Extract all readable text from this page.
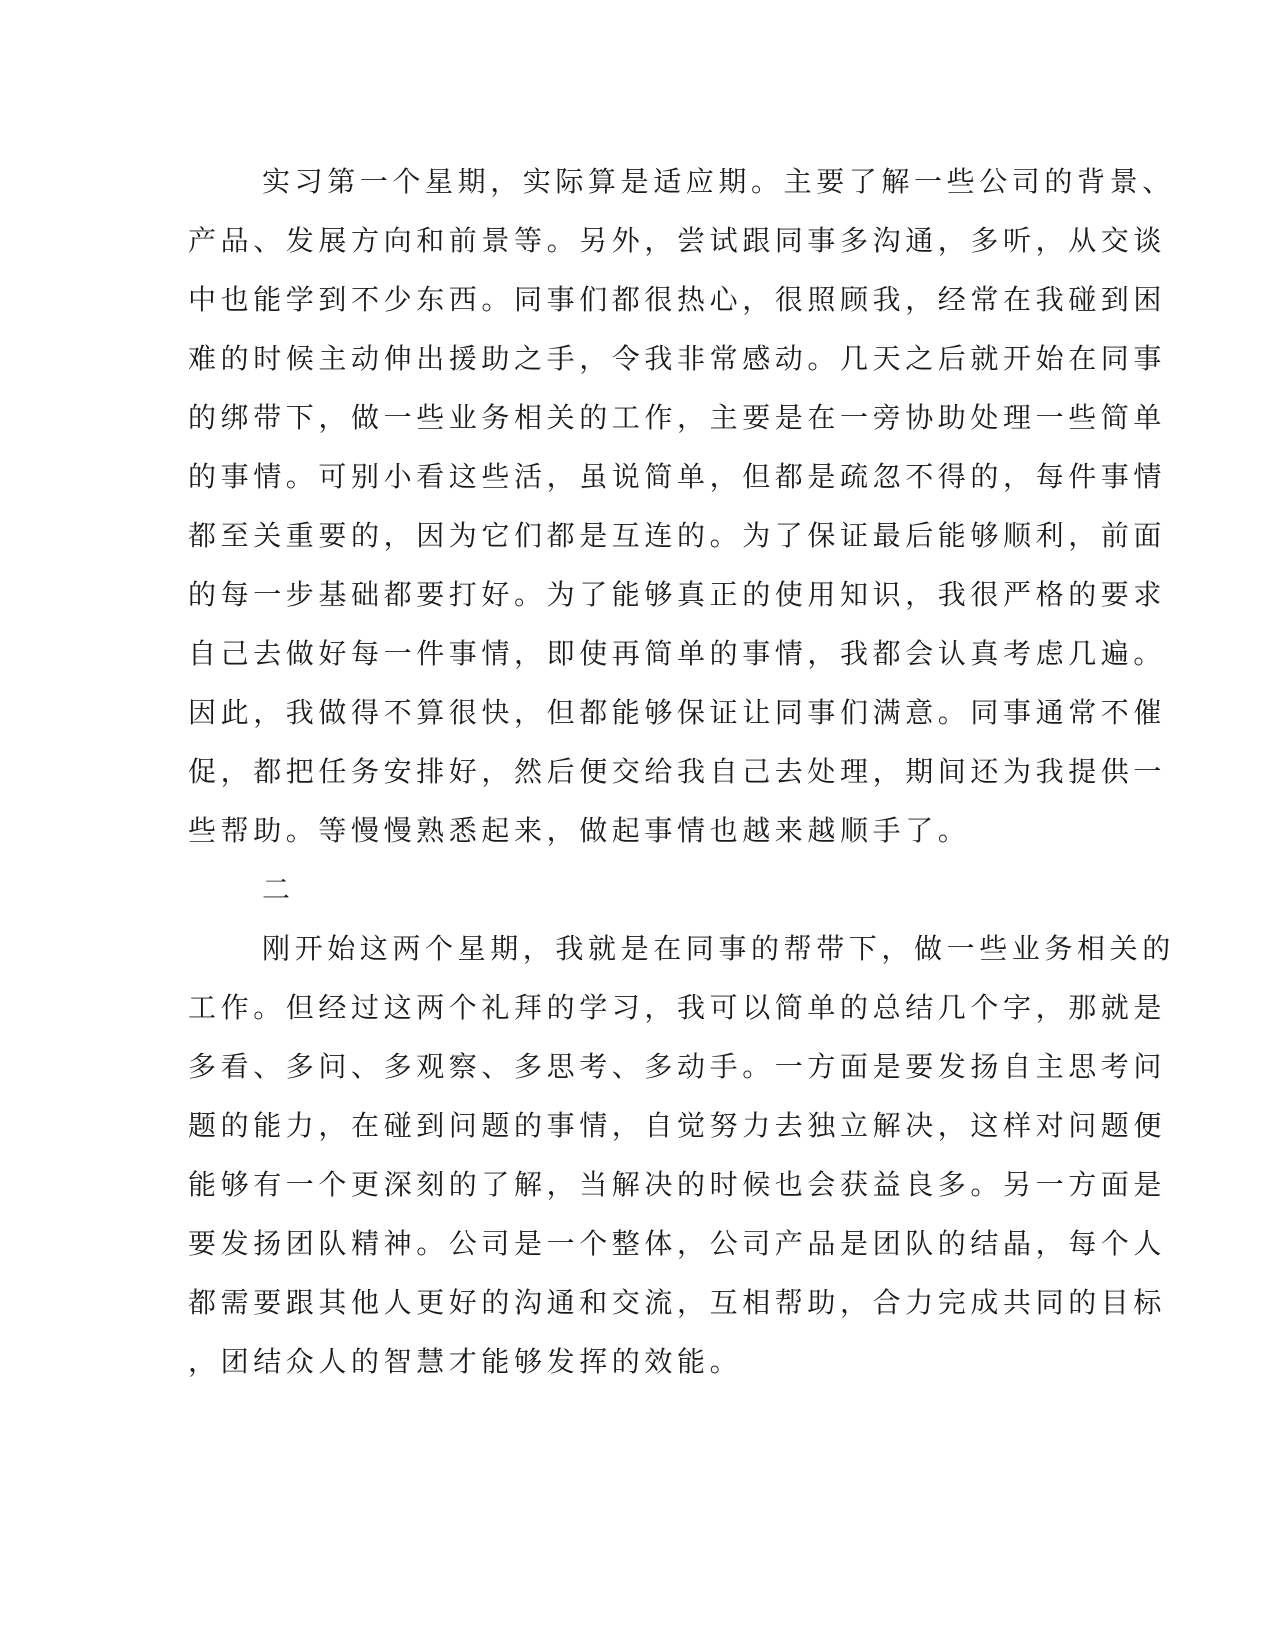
实习第一个星期，实际算是适应期。主要了解一些公司的背景、
产品、发展方向和前景等。另外，尝试跟同事多沟通，多听，从交谈
中也能学到不少东西。同事们都很热心，很照顾我，经常在我碰到困
难的时候主动伸出援助之手，令我非常感动。几天之后就开始在同事
的绑带下，做一些业务相关的工作，主要是在一旁协助处理一些简单
的事情。可别小看这些活，虽说简单，但都是疏忽不得的，每件事情
都至关重要的，因为它们都是互连的。为了保证最后能够顺利，前面
的每一步基础都要打好。为了能够真正的使用知识，我很严格的要求
自己去做好每一件事情，即使再简单的事情，我都会认真考虑几遍。
因此，我做得不算很快，但都能够保证让同事们满意。同事通常不催
促，都把任务安排好，然后便交给我自己去处理，期间还为我提供一
些帮助。等慢慢熟悉起来，做起事情也越来越顺手了。
二
刚开始这两个星期，我就是在同事的帮带下，做一些业务相关的
工作。但经过这两个礼拜的学习，我可以简单的总结几个字，那就是
多看、多问、多观察、多思考、多动手。一方面是要发扬自主思考问
题的能力，在碰到问题的事情，自觉努力去独立解决，这样对问题便
能够有一个更深刻的了解，当解决的时候也会获益良多。另一方面是
要发扬团队精神。公司是一个整体，公司产品是团队的结晶，每个人
都需要跟其他人更好的沟通和交流，互相帮助，合力完成共同的目标
，团结众人的智慧才能够发挥的效能。
